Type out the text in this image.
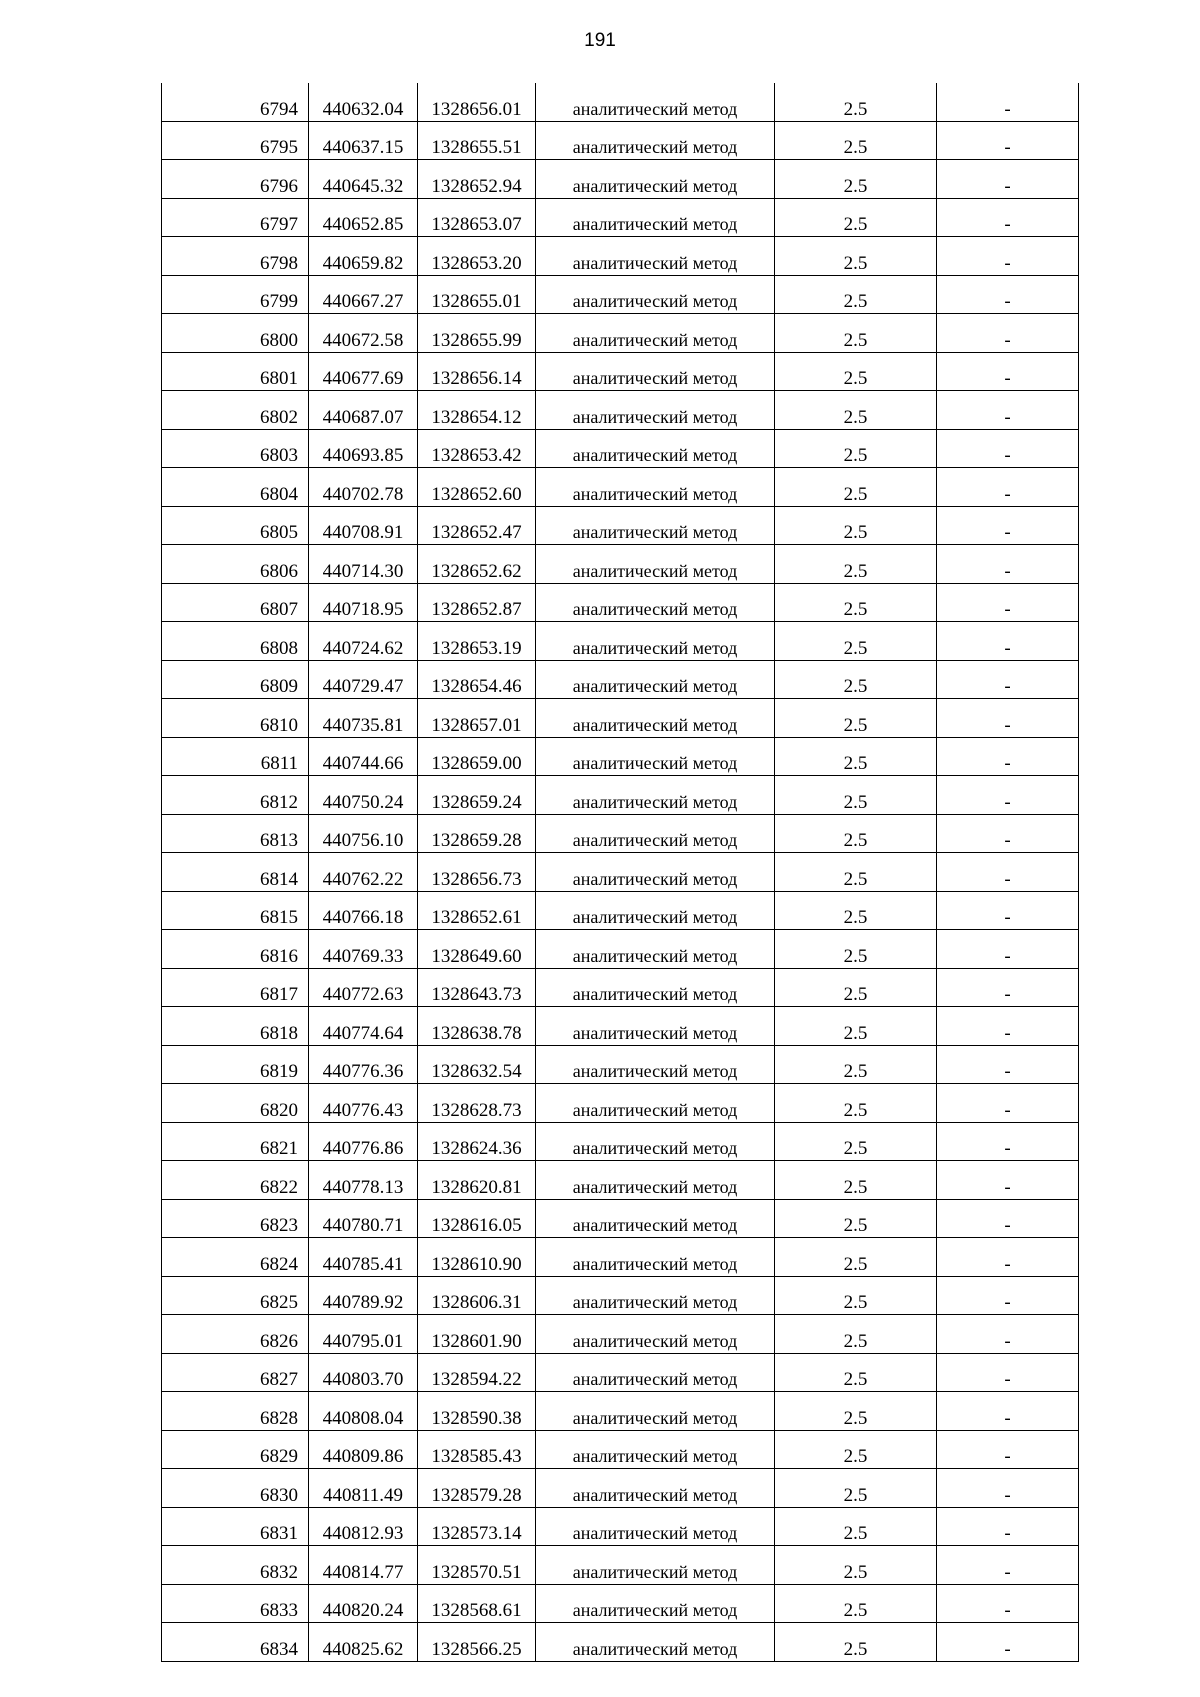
191
6794	440632.04	1328656.01	аналитический метод	2.5	-
6795	440637.15	1328655.51	аналитический метод	2.5	-
6796	440645.32	1328652.94	аналитический метод	2.5	-
6797	440652.85	1328653.07	аналитический метод	2.5	-
6798	440659.82	1328653.20	аналитический метод	2.5	-
6799	440667.27	1328655.01	аналитический метод	2.5	-
6800	440672.58	1328655.99	аналитический метод	2.5	-
6801	440677.69	1328656.14	аналитический метод	2.5	-
6802	440687.07	1328654.12	аналитический метод	2.5	-
6803	440693.85	1328653.42	аналитический метод	2.5	-
6804	440702.78	1328652.60	аналитический метод	2.5	-
6805	440708.91	1328652.47	аналитический метод	2.5	-
6806	440714.30	1328652.62	аналитический метод	2.5	-
6807	440718.95	1328652.87	аналитический метод	2.5	-
6808	440724.62	1328653.19	аналитический метод	2.5	-
6809	440729.47	1328654.46	аналитический метод	2.5	-
6810	440735.81	1328657.01	аналитический метод	2.5	-
6811	440744.66	1328659.00	аналитический метод	2.5	-
6812	440750.24	1328659.24	аналитический метод	2.5	-
6813	440756.10	1328659.28	аналитический метод	2.5	-
6814	440762.22	1328656.73	аналитический метод	2.5	-
6815	440766.18	1328652.61	аналитический метод	2.5	-
6816	440769.33	1328649.60	аналитический метод	2.5	-
6817	440772.63	1328643.73	аналитический метод	2.5	-
6818	440774.64	1328638.78	аналитический метод	2.5	-
6819	440776.36	1328632.54	аналитический метод	2.5	-
6820	440776.43	1328628.73	аналитический метод	2.5	-
6821	440776.86	1328624.36	аналитический метод	2.5	-
6822	440778.13	1328620.81	аналитический метод	2.5	-
6823	440780.71	1328616.05	аналитический метод	2.5	-
6824	440785.41	1328610.90	аналитический метод	2.5	-
6825	440789.92	1328606.31	аналитический метод	2.5	-
6826	440795.01	1328601.90	аналитический метод	2.5	-
6827	440803.70	1328594.22	аналитический метод	2.5	-
6828	440808.04	1328590.38	аналитический метод	2.5	-
6829	440809.86	1328585.43	аналитический метод	2.5	-
6830	440811.49	1328579.28	аналитический метод	2.5	-
6831	440812.93	1328573.14	аналитический метод	2.5	-
6832	440814.77	1328570.51	аналитический метод	2.5	-
6833	440820.24	1328568.61	аналитический метод	2.5	-
6834	440825.62	1328566.25	аналитический метод	2.5	-
